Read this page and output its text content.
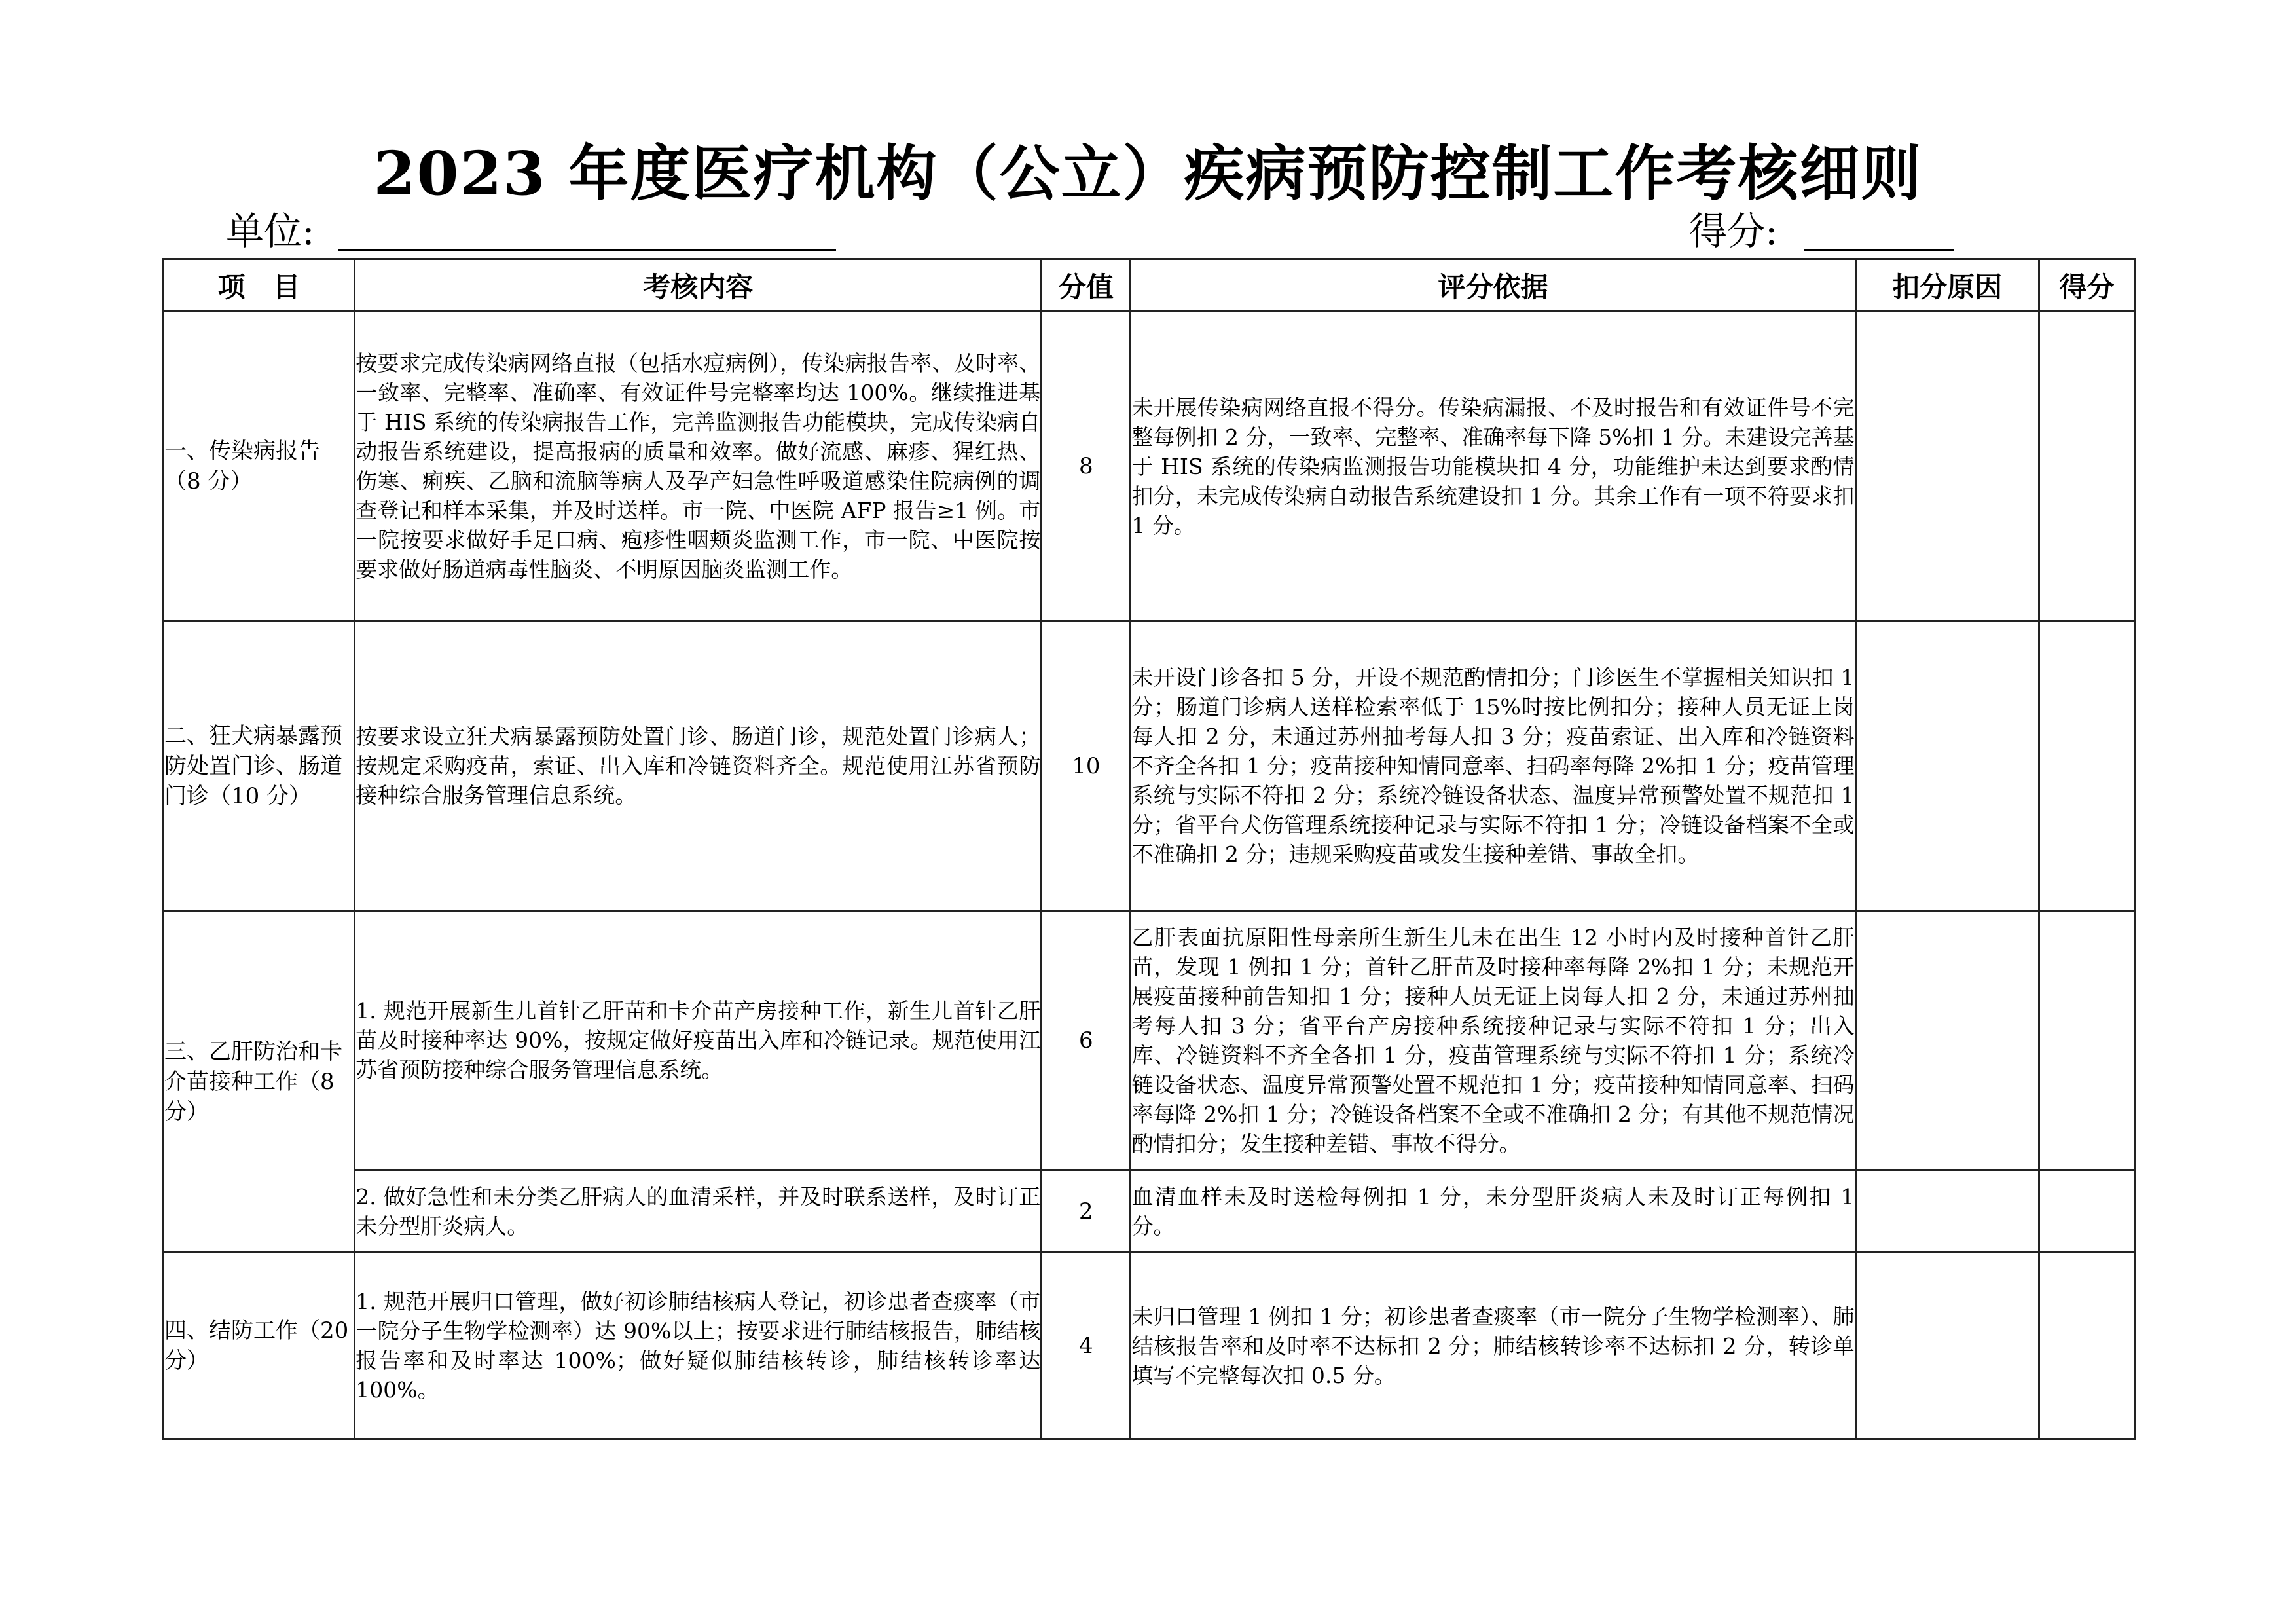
2023 年度医疗机构（公立）疾病预防控制工作考核细则
单位:	得分:
项　目	考核内容	分值	评分依据	扣分原因	得分
一、传染病报告（8 分）	按要求完成传染病网络直报（包括水痘病例），传染病报告率、及时率、一致率、完整率、准确率、有效证件号完整率均达 100%。继续推进基于 HIS 系统的传染病报告工作，完善监测报告功能模块，完成传染病自动报告系统建设，提高报病的质量和效率。做好流感、麻疹、猩红热、伤寒、痢疾、乙脑和流脑等病人及孕产妇急性呼吸道感染住院病例的调查登记和样本采集，并及时送样。市一院、中医院 AFP 报告≥1 例。市一院按要求做好手足口病、疱疹性咽颊炎监测工作，市一院、中医院按要求做好肠道病毒性脑炎、不明原因脑炎监测工作。	8	未开展传染病网络直报不得分。传染病漏报、不及时报告和有效证件号不完整每例扣 2 分，一致率、完整率、准确率每下降 5%扣 1 分。未建设完善基于 HIS 系统的传染病监测报告功能模块扣 4 分，功能维护未达到要求酌情扣分，未完成传染病自动报告系统建设扣 1 分。其余工作有一项不符要求扣 1 分。		
二、狂犬病暴露预防处置门诊、肠道门诊（10 分）	按要求设立狂犬病暴露预防处置门诊、肠道门诊，规范处置门诊病人；按规定采购疫苗，索证、出入库和冷链资料齐全。规范使用江苏省预防接种综合服务管理信息系统。	10	未开设门诊各扣 5 分，开设不规范酌情扣分；门诊医生不掌握相关知识扣 1 分；肠道门诊病人送样检索率低于 15%时按比例扣分；接种人员无证上岗每人扣 2 分，未通过苏州抽考每人扣 3 分；疫苗索证、出入库和冷链资料不齐全各扣 1 分；疫苗接种知情同意率、扫码率每降 2%扣 1 分；疫苗管理系统与实际不符扣 2 分；系统冷链设备状态、温度异常预警处置不规范扣 1 分；省平台犬伤管理系统接种记录与实际不符扣 1 分；冷链设备档案不全或不准确扣 2 分；违规采购疫苗或发生接种差错、事故全扣。		
三、乙肝防治和卡介苗接种工作（8 分）	1. 规范开展新生儿首针乙肝苗和卡介苗产房接种工作，新生儿首针乙肝苗及时接种率达 90%，按规定做好疫苗出入库和冷链记录。规范使用江苏省预防接种综合服务管理信息系统。	6	乙肝表面抗原阳性母亲所生新生儿未在出生 12 小时内及时接种首针乙肝苗，发现 1 例扣 1 分；首针乙肝苗及时接种率每降 2%扣 1 分；未规范开展疫苗接种前告知扣 1 分；接种人员无证上岗每人扣 2 分，未通过苏州抽考每人扣 3 分；省平台产房接种系统接种记录与实际不符扣 1 分；出入库、冷链资料不齐全各扣 1 分，疫苗管理系统与实际不符扣 1 分；系统冷链设备状态、温度异常预警处置不规范扣 1 分；疫苗接种知情同意率、扫码率每降 2%扣 1 分；冷链设备档案不全或不准确扣 2 分；有其他不规范情况酌情扣分；发生接种差错、事故不得分。		
	2. 做好急性和未分类乙肝病人的血清采样，并及时联系送样，及时订正未分型肝炎病人。	2	血清血样未及时送检每例扣 1 分，未分型肝炎病人未及时订正每例扣 1 分。		
四、结防工作（20 分）	1. 规范开展归口管理，做好初诊肺结核病人登记，初诊患者查痰率（市一院分子生物学检测率）达 90%以上；按要求进行肺结核报告，肺结核报告率和及时率达 100%；做好疑似肺结核转诊，肺结核转诊率达 100%。	4	未归口管理 1 例扣 1 分；初诊患者查痰率（市一院分子生物学检测率）、肺结核报告率和及时率不达标扣 2 分；肺结核转诊率不达标扣 2 分，转诊单填写不完整每次扣 0.5 分。		
